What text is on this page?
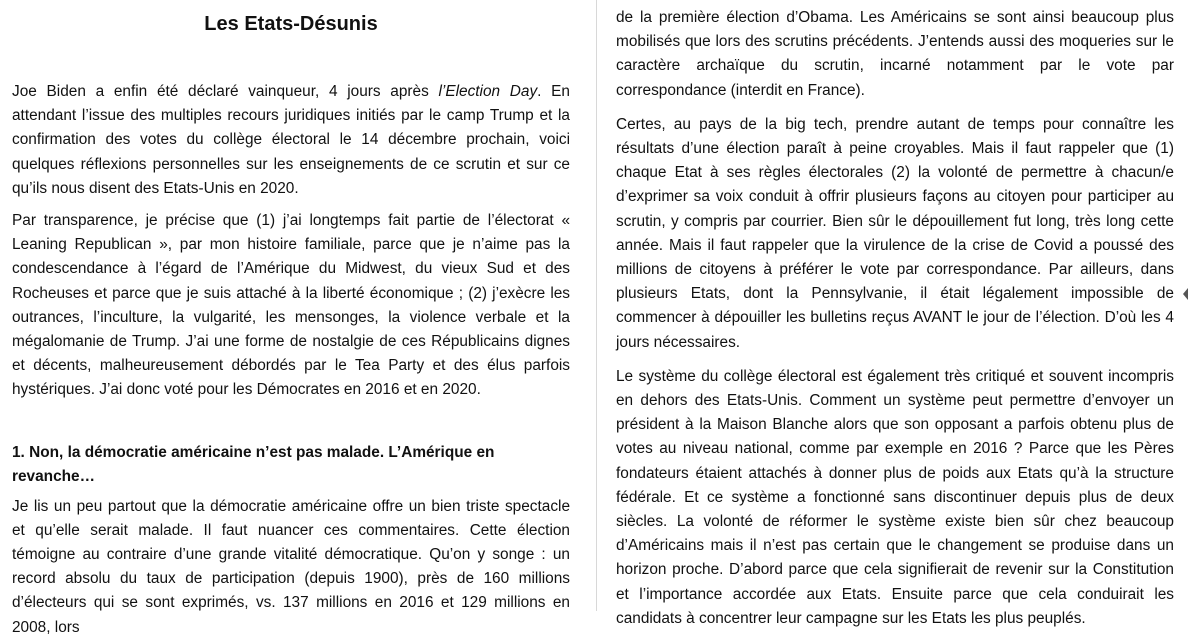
Les Etats-Désunis

Joe Biden a enfin été déclaré vainqueur, 4 jours après l’Election Day. En attendant l’issue des multiples recours juridiques initiés par le camp Trump et la confirmation des votes du collège électoral le 14 décembre prochain, voici quelques réflexions personnelles sur les enseignements de ce scrutin et sur ce qu’ils nous disent des Etats-Unis en 2020.

Par transparence, je précise que (1) j’ai longtemps fait partie de l’électorat « Leaning Republican », par mon histoire familiale, parce que je n’aime pas la condescendance à l’égard de l’Amérique du Midwest, du vieux Sud et des Rocheuses et parce que je suis attaché à la liberté économique ; (2) j’exècre les outrances, l’inculture, la vulgarité, les mensonges, la violence verbale et la mégalomanie de Trump. J’ai une forme de nostalgie de ces Républicains dignes et décents, malheureusement débordés par le Tea Party et des élus parfois hystériques. J’ai donc voté pour les Démocrates en 2016 et en 2020.

1. Non, la démocratie américaine n’est pas malade. L’Amérique en revanche…

Je lis un peu partout que la démocratie américaine offre un bien triste spectacle et qu’elle serait malade. Il faut nuancer ces commentaires. Cette élection témoigne au contraire d’une grande vitalité démocratique. Qu’on y songe : un record absolu du taux de participation (depuis 1900), près de 160 millions d’électeurs qui se sont exprimés, vs. 137 millions en 2016 et 129 millions en 2008, lors

de la première élection d’Obama. Les Américains se sont ainsi beaucoup plus mobilisés que lors des scrutins précédents. J’entends aussi des moqueries sur le caractère archaïque du scrutin, incarné notamment par le vote par correspondance (interdit en France).

Certes, au pays de la big tech, prendre autant de temps pour connaître les résultats d’une élection paraît à peine croyables. Mais il faut rappeler que (1) chaque Etat à ses règles électorales (2) la volonté de permettre à chacun/e d’exprimer sa voix conduit à offrir plusieurs façons au citoyen pour participer au scrutin, y compris par courrier. Bien sûr le dépouillement fut long, très long cette année. Mais il faut rappeler que la virulence de la crise de Covid a poussé des millions de citoyens à préférer le vote par correspondance. Par ailleurs, dans plusieurs Etats, dont la Pennsylvanie, il était légalement impossible de commencer à dépouiller les bulletins reçus AVANT le jour de l’élection. D’où les 4 jours nécessaires.

Le système du collège électoral est également très critiqué et souvent incompris en dehors des Etats-Unis. Comment un système peut permettre d’envoyer un président à la Maison Blanche alors que son opposant a parfois obtenu plus de votes au niveau national, comme par exemple en 2016 ? Parce que les Pères fondateurs étaient attachés à donner plus de poids aux Etats qu’à la structure fédérale. Et ce système a fonctionné sans discontinuer depuis plus de deux siècles. La volonté de réformer le système existe bien sûr chez beaucoup d’Américains mais il n’est pas certain que le changement se produise dans un horizon proche. D’abord parce que cela signifierait de revenir sur la Constitution et l’importance accordée aux Etats. Ensuite parce que cela conduirait les candidats à concentrer leur campagne sur les Etats les plus peuplés.
